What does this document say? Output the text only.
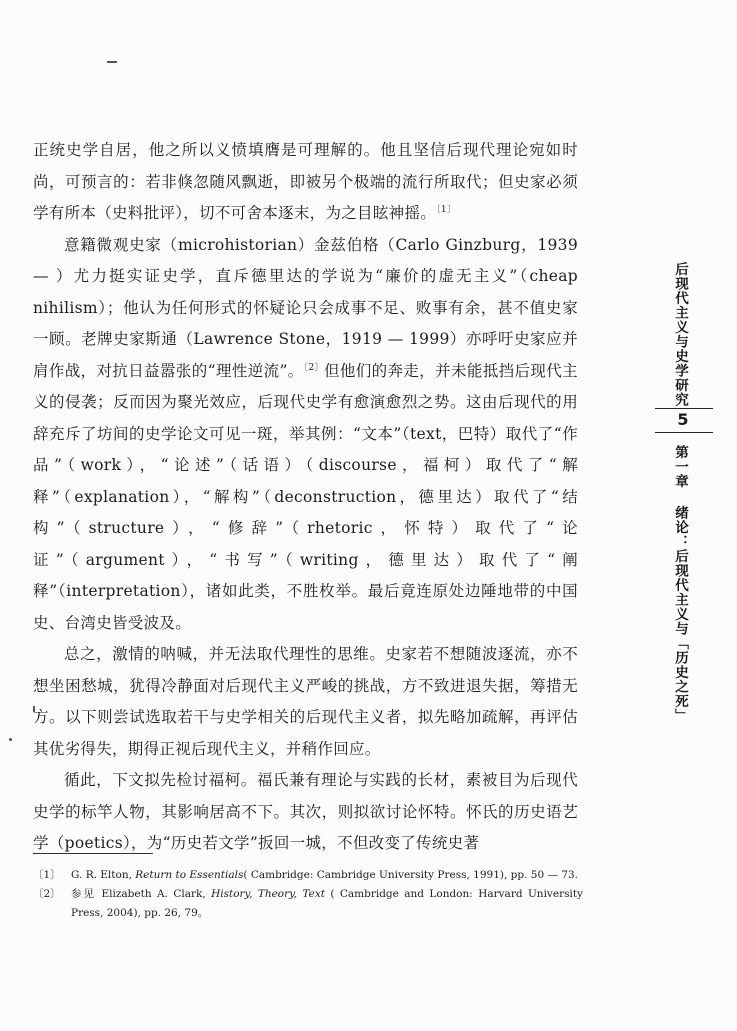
正统史学自居，他之所以义愤填膺是可理解的。他且坚信后现代理论宛如时尚，可预言的：若非倏忽随风飘逝，即被另个极端的流行所取代；但史家必须学有所本（史料批评），切不可舍本逐末，为之目眩神摇。$^{〔1〕}$

意籍微观史家（microhistorian）金兹伯格（Carlo Ginzburg，1939 — ）尤力挺实证史学，直斥德里达的学说为“廉价的虚无主义”（cheap nihilism）；他认为任何形式的怀疑论只会成事不足、败事有余，甚不值史家一顾。老牌史家斯通（Lawrence Stone，1919 — 1999）亦呼吁史家应并肩作战，对抗日益嚣张的“理性逆流”。$^{〔2〕}$但他们的奔走，并未能抵挡后现代主义的侵袭；反而因为聚光效应，后现代史学有愈演愈烈之势。这由后现代的用辞充斥了坊间的史学论文可见一斑，举其例：“文本”（text，巴特）取代了“作品”（work），“论述”（话语）（discourse，福柯）取代了“解释”（explanation），“解构”（deconstruction，德里达）取代了“结构”（structure），“修辞”（rhetoric，怀特）取代了“论证”（argument），“书写”（writing，德里达）取代了“阐释”（interpretation），诸如此类，不胜枚举。最后竟连原处边陲地带的中国史、台湾史皆受波及。

总之，激情的呐喊，并无法取代理性的思维。史家若不想随波逐流，亦不想坐困愁城，犹得冷静面对后现代主义严峻的挑战，方不致进退失据，筹措无方。以下则尝试选取若干与史学相关的后现代主义者，拟先略加疏解，再评估其优劣得失，期得正视后现代主义，并稍作回应。

循此，下文拟先检讨福柯。福氏兼有理论与实践的长材，素被目为后现代史学的标竿人物，其影响居高不下。其次，则拟欲讨论怀特。怀氏的历史语艺学（poetics），为“历史若文学”扳回一城，不但改变了传统史著

〔1〕 G. R. Elton, Return to Essentials( Cambridge: Cambridge University Press, 1991), pp. 50 — 73.
〔2〕 参见 Elizabeth A. Clark, History, Theory, Text ( Cambridge and London: Harvard University Press, 2004), pp. 26, 79。
后现代主义与史学研究
5
第一章 绪论：后现代主义与「历史之死」
